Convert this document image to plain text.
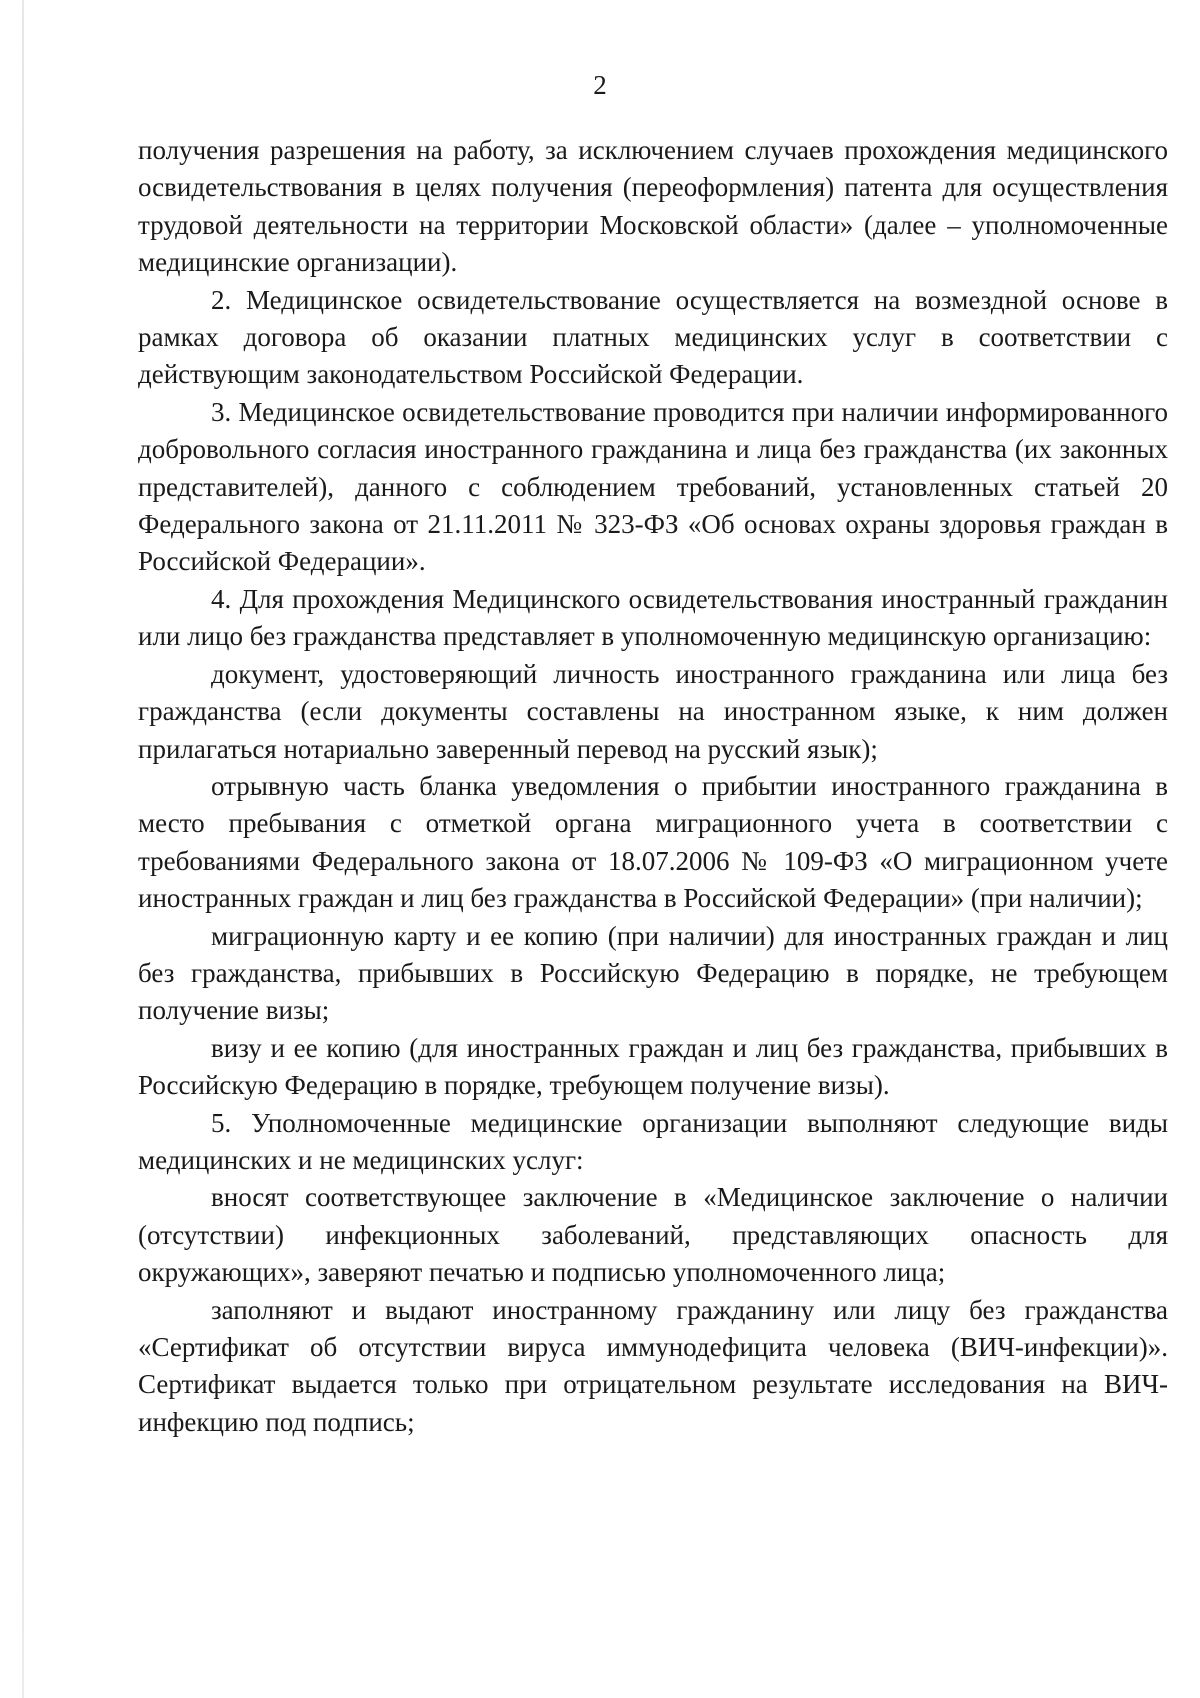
2

получения разрешения на работу, за исключением случаев прохождения медицинского освидетельствования в целях получения (переоформления) патента для осуществления трудовой деятельности на территории Московской области» (далее – уполномоченные медицинские организации).

2. Медицинское освидетельствование осуществляется на возмездной основе в рамках договора об оказании платных медицинских услуг в соответствии с действующим законодательством Российской Федерации.

3. Медицинское освидетельствование проводится при наличии информированного добровольного согласия иностранного гражданина и лица без гражданства (их законных представителей), данного с соблюдением требований, установленных статьей 20 Федерального закона от 21.11.2011 № 323-ФЗ «Об основах охраны здоровья граждан в Российской Федерации».

4. Для прохождения Медицинского освидетельствования иностранный гражданин или лицо без гражданства представляет в уполномоченную медицинскую организацию:

документ, удостоверяющий личность иностранного гражданина или лица без гражданства (если документы составлены на иностранном языке, к ним должен прилагаться нотариально заверенный перевод на русский язык);

отрывную часть бланка уведомления о прибытии иностранного гражданина в место пребывания с отметкой органа миграционного учета в соответствии с требованиями Федерального закона от 18.07.2006 № 109-ФЗ «О миграционном учете иностранных граждан и лиц без гражданства в Российской Федерации» (при наличии);

миграционную карту и ее копию (при наличии) для иностранных граждан и лиц без гражданства, прибывших в Российскую Федерацию в порядке, не требующем получение визы;

визу и ее копию (для иностранных граждан и лиц без гражданства, прибывших в Российскую Федерацию в порядке, требующем получение визы).

5. Уполномоченные медицинские организации выполняют следующие виды медицинских и не медицинских услуг:

вносят соответствующее заключение в «Медицинское заключение о наличии (отсутствии) инфекционных заболеваний, представляющих опасность для окружающих», заверяют печатью и подписью уполномоченного лица;

заполняют и выдают иностранному гражданину или лицу без гражданства «Сертификат об отсутствии вируса иммунодефицита человека (ВИЧ-инфекции)». Сертификат выдается только при отрицательном результате исследования на ВИЧ-инфекцию под подпись;
